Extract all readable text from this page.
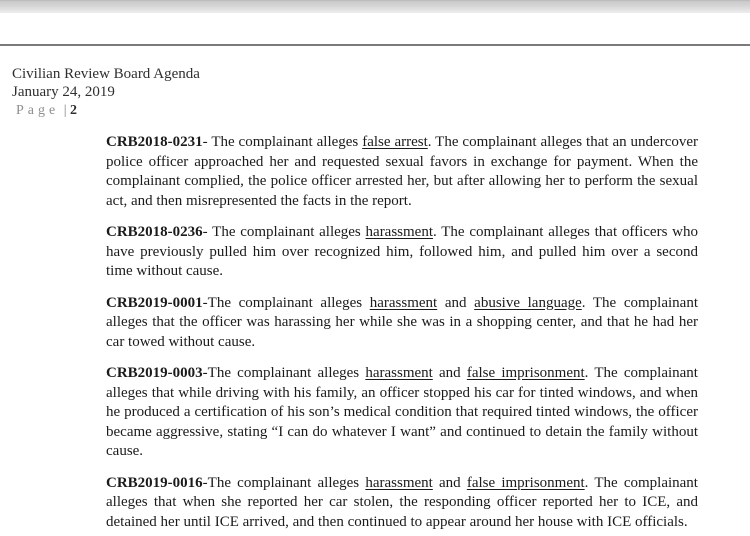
Civilian Review Board Agenda
January 24, 2019
Page | 2

CRB2018-0231- The complainant alleges false arrest. The complainant alleges that an undercover police officer approached her and requested sexual favors in exchange for payment. When the complainant complied, the police officer arrested her, but after allowing her to perform the sexual act, and then misrepresented the facts in the report.

CRB2018-0236- The complainant alleges harassment. The complainant alleges that officers who have previously pulled him over recognized him, followed him, and pulled him over a second time without cause.

CRB2019-0001-The complainant alleges harassment and abusive language. The complainant alleges that the officer was harassing her while she was in a shopping center, and that he had her car towed without cause.

CRB2019-0003-The complainant alleges harassment and false imprisonment. The complainant alleges that while driving with his family, an officer stopped his car for tinted windows, and when he produced a certification of his son’s medical condition that required tinted windows, the officer became aggressive, stating “I can do whatever I want” and continued to detain the family without cause.

CRB2019-0016-The complainant alleges harassment and false imprisonment. The complainant alleges that when she reported her car stolen, the responding officer reported her to ICE, and detained her until ICE arrived, and then continued to appear around her house with ICE officials.
